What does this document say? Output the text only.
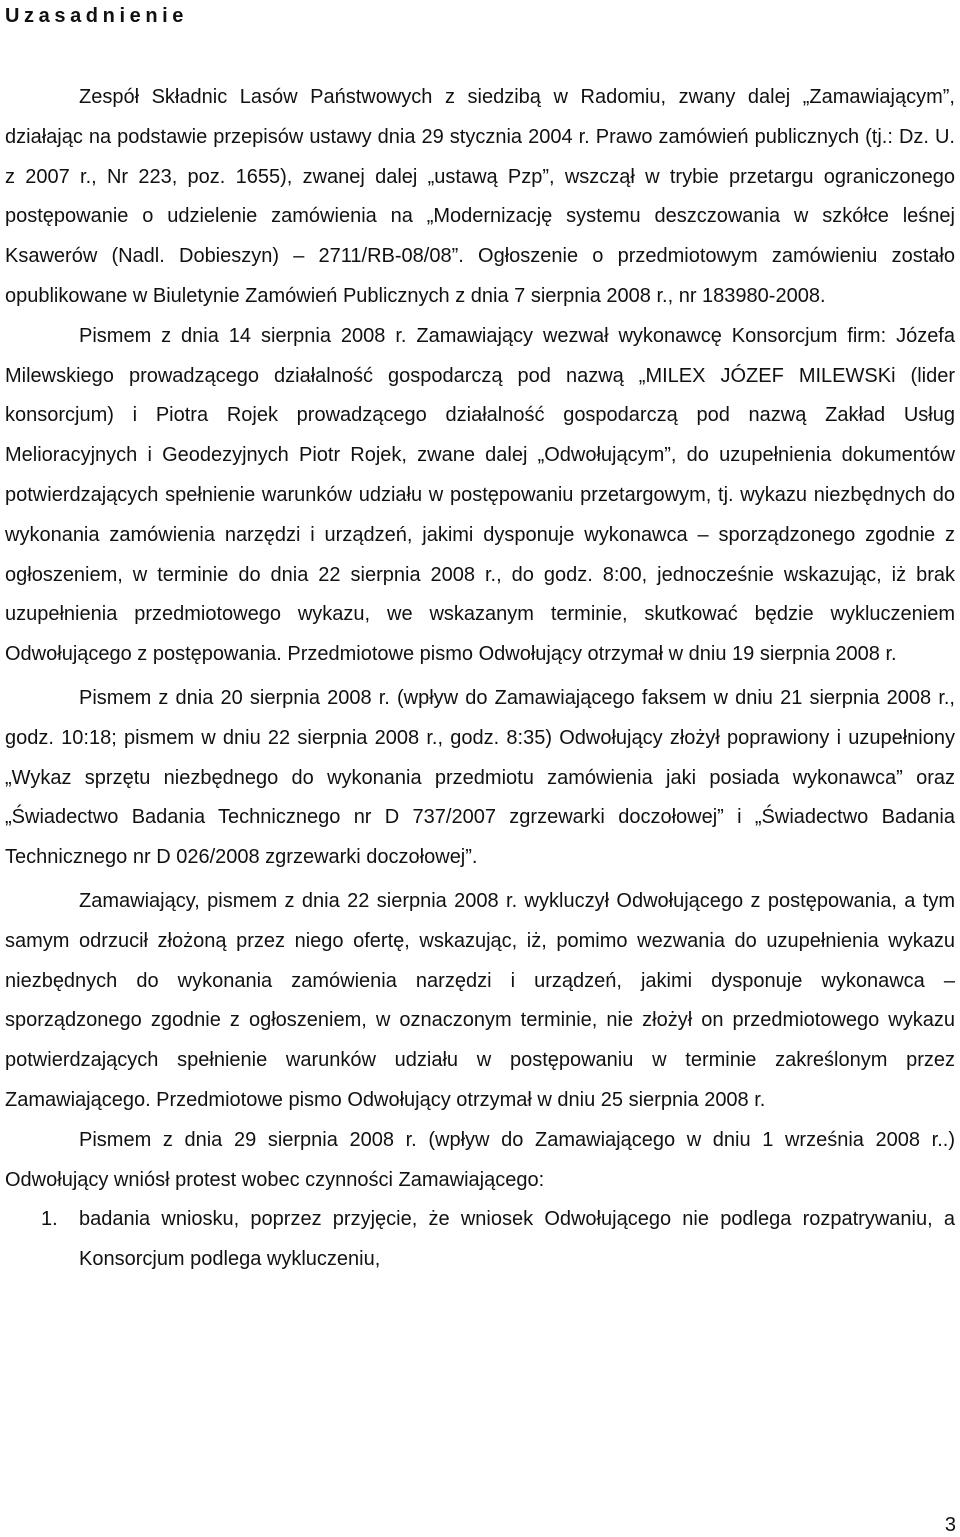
Uzasadnienie

Zespół Składnic Lasów Państwowych z siedzibą w Radomiu, zwany dalej „Zamawiającym”, działając na podstawie przepisów ustawy dnia 29 stycznia 2004 r. Prawo zamówień publicznych (tj.: Dz. U. z 2007 r., Nr 223, poz. 1655), zwanej dalej „ustawą Pzp”, wszczął w trybie przetargu ograniczonego postępowanie o udzielenie zamówienia na „Modernizację systemu deszczowania w szkółce leśnej Ksawerów (Nadl. Dobieszyn) – 2711/RB-08/08”. Ogłoszenie o przedmiotowym zamówieniu zostało opublikowane w Biuletynie Zamówień Publicznych z dnia 7 sierpnia 2008 r., nr 183980-2008.

Pismem z dnia 14 sierpnia 2008 r. Zamawiający wezwał wykonawcę Konsorcjum firm: Józefa Milewskiego prowadzącego działalność gospodarczą pod nazwą „MILEX JÓZEF MILEWSKi (lider konsorcjum) i Piotra Rojek prowadzącego działalność gospodarczą pod nazwą Zakład Usług Melioracyjnych i Geodezyjnych Piotr Rojek, zwane dalej „Odwołującym”, do uzupełnienia dokumentów potwierdzających spełnienie warunków udziału w postępowaniu przetargowym, tj. wykazu niezbędnych do wykonania zamówienia narzędzi i urządzeń, jakimi dysponuje wykonawca – sporządzonego zgodnie z ogłoszeniem, w terminie do dnia 22 sierpnia 2008 r., do godz. 8:00, jednocześnie wskazując, iż brak uzupełnienia przedmiotowego wykazu, we wskazanym terminie, skutkować będzie wykluczeniem Odwołującego z postępowania. Przedmiotowe pismo Odwołujący otrzymał w dniu 19 sierpnia 2008 r.

Pismem z dnia 20 sierpnia 2008 r. (wpływ do Zamawiającego faksem w dniu 21 sierpnia 2008 r., godz. 10:18; pismem w dniu 22 sierpnia 2008 r., godz. 8:35) Odwołujący złożył poprawiony i uzupełniony „Wykaz sprzętu niezbędnego do wykonania przedmiotu zamówienia jaki posiada wykonawca” oraz „Świadectwo Badania Technicznego nr D 737/2007 zgrzewarki doczołowej” i „Świadectwo Badania Technicznego nr D 026/2008 zgrzewarki doczołowej”.

Zamawiający, pismem z dnia 22 sierpnia 2008 r. wykluczył Odwołującego z postępowania, a tym samym odrzucił złożoną przez niego ofertę, wskazując, iż, pomimo wezwania do uzupełnienia wykazu niezbędnych do wykonania zamówienia narzędzi i urządzeń, jakimi dysponuje wykonawca – sporządzonego zgodnie z ogłoszeniem, w oznaczonym terminie, nie złożył on przedmiotowego wykazu potwierdzających spełnienie warunków udziału w postępowaniu w terminie zakreślonym przez Zamawiającego. Przedmiotowe pismo Odwołujący otrzymał w dniu 25 sierpnia 2008 r.

Pismem z dnia 29 sierpnia 2008 r. (wpływ do Zamawiającego w dniu 1 września 2008 r..) Odwołujący wniósł protest wobec czynności Zamawiającego:

1. badania wniosku, poprzez przyjęcie, że wniosek Odwołującego nie podlega rozpatrywaniu, a Konsorcjum podlega wykluczeniu,
3
